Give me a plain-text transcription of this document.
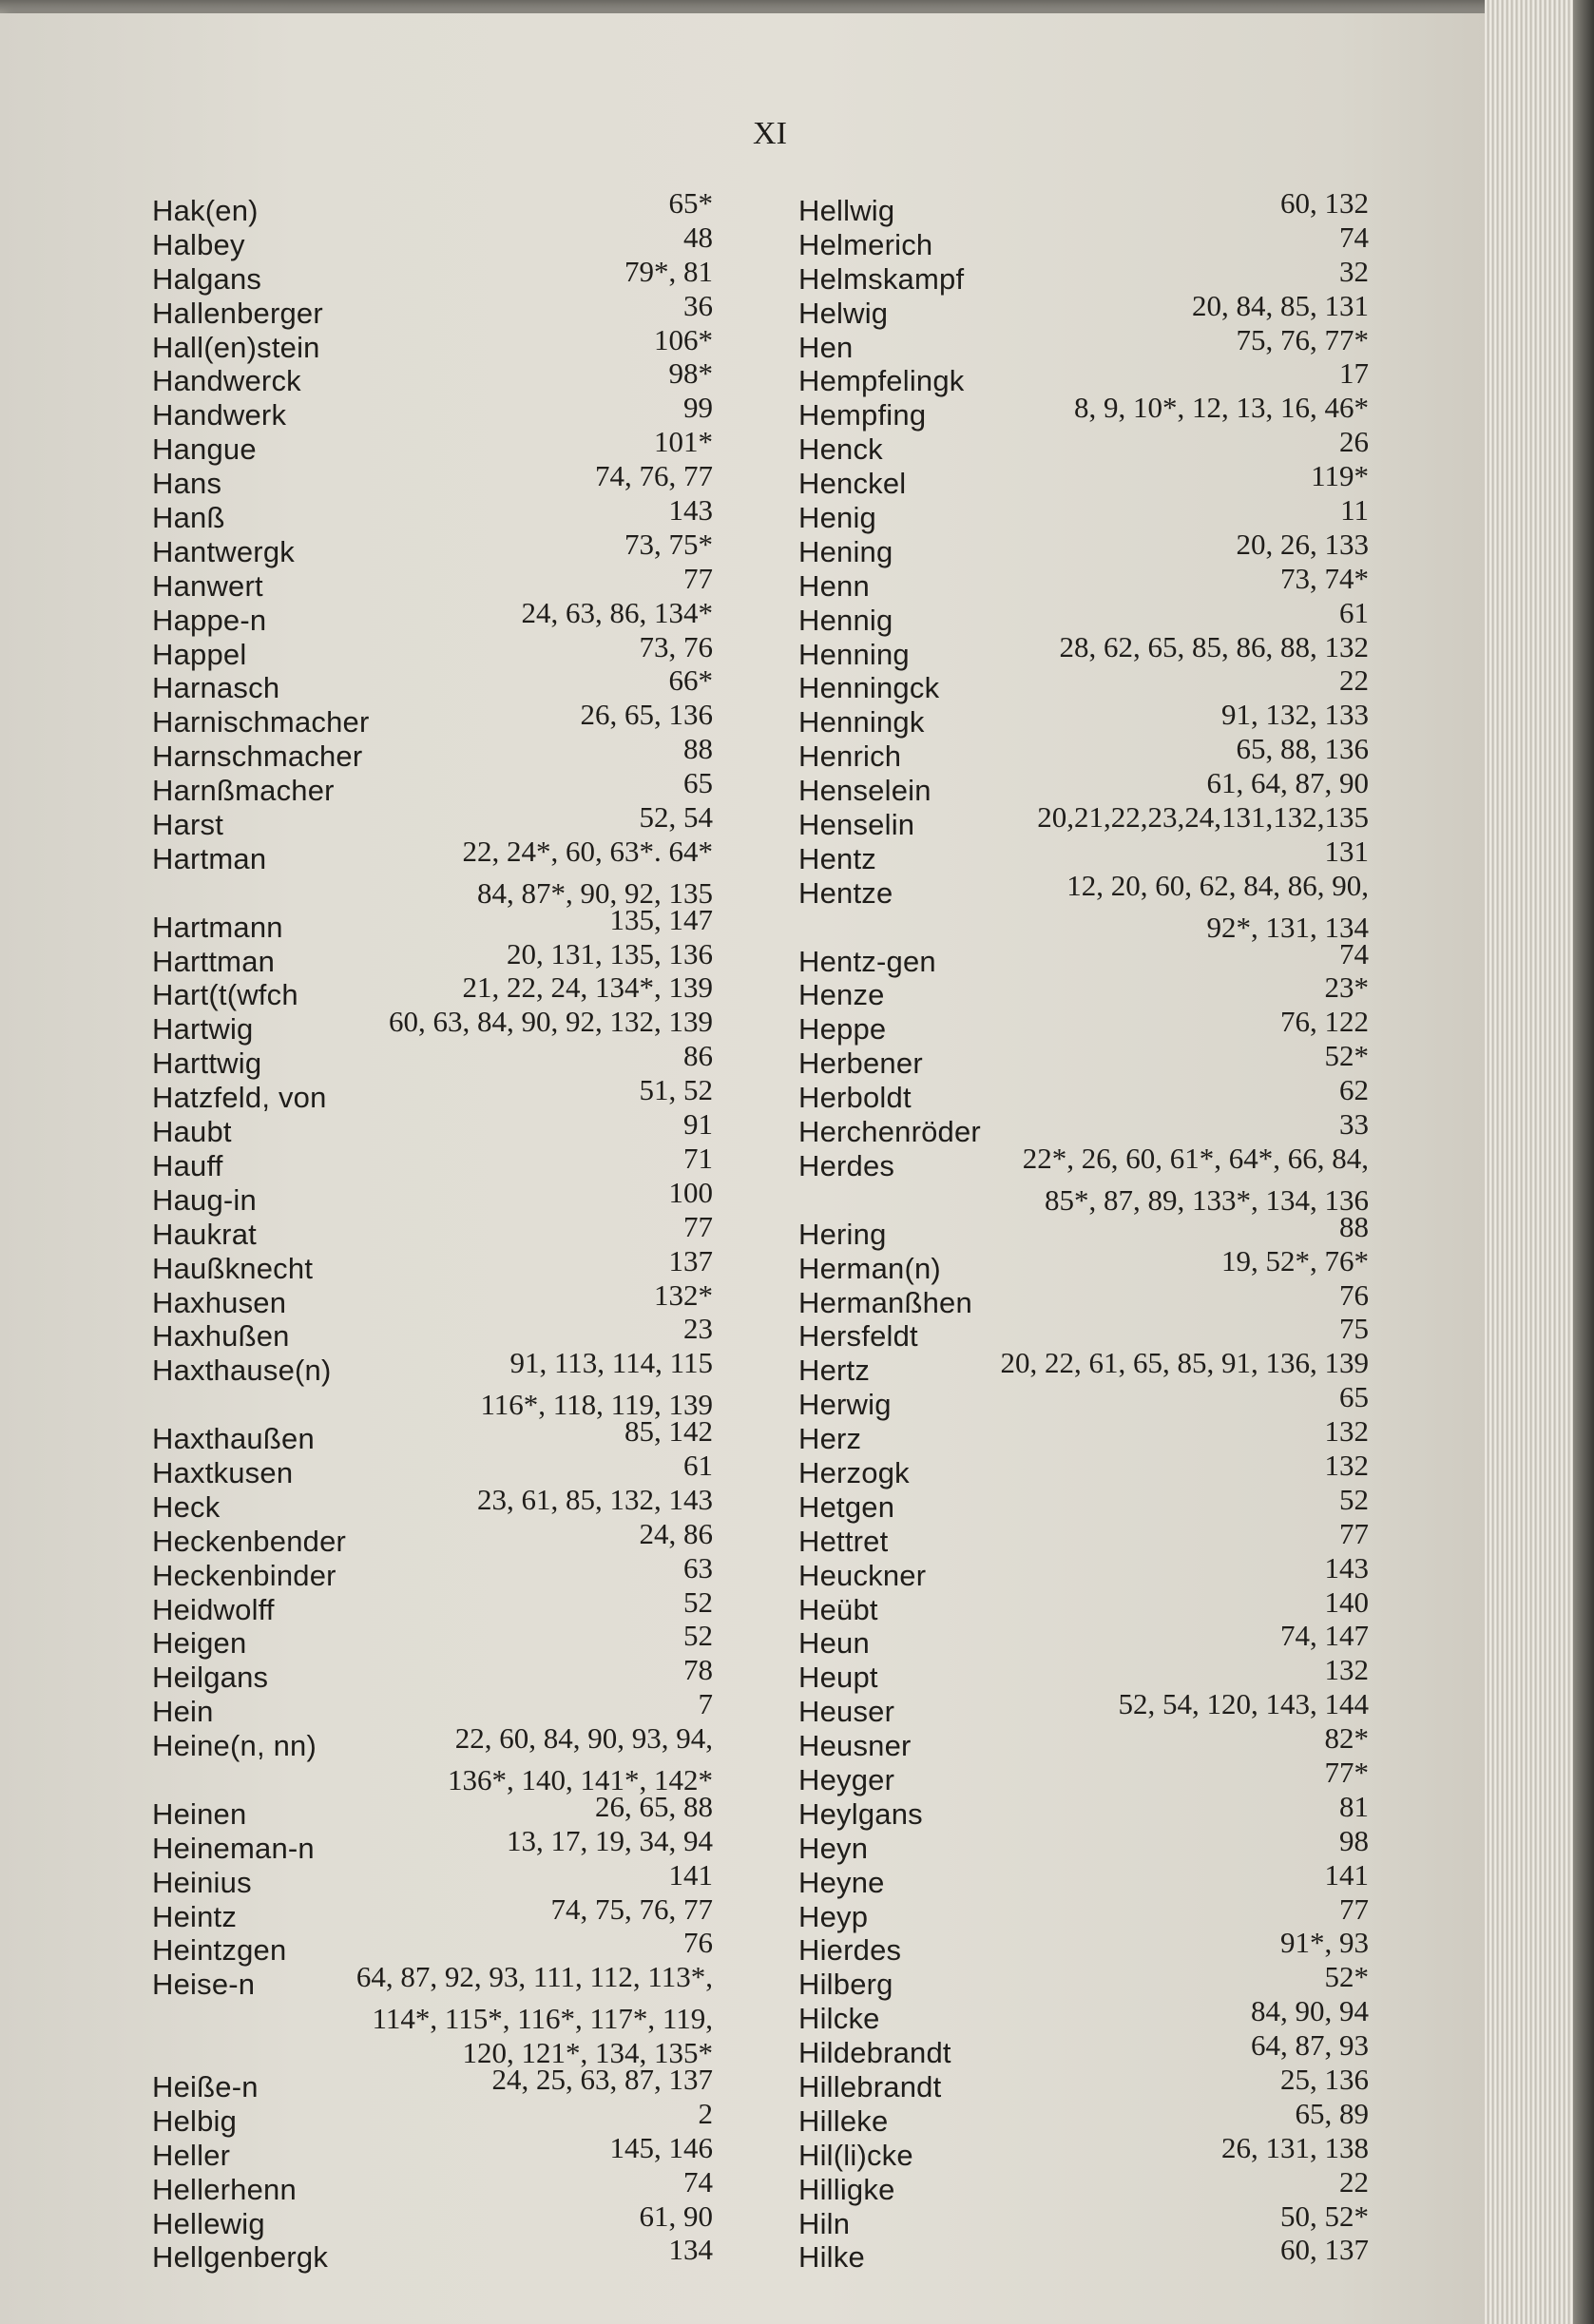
XI
Hak(en)	65*
Halbey	48
Halgans	79*, 81
Hallenberger	36
Hall(en)stein	106*
Handwerck	98*
Handwerk	99
Hangue	101*
Hans	74, 76, 77
Hanß	143
Hantwergk	73, 75*
Hanwert	77
Happe-n	24, 63, 86, 134*
Happel	73, 76
Harnasch	66*
Harnischmacher	26, 65, 136
Harnschmacher	88
Harnßmacher	65
Harst	52, 54
Hartman	22, 24*, 60, 63*. 64*
84, 87*, 90, 92, 135
Hartmann	135, 147
Harttman	20, 131, 135, 136
Hart(t(wfch	21, 22, 24, 134*, 139
Hartwig	60, 63, 84, 90, 92, 132, 139
Harttwig	86
Hatzfeld, von	51, 52
Haubt	91
Hauff	71
Haug-in	100
Haukrat	77
Haußknecht	137
Haxhusen	132*
Haxhußen	23
Haxthause(n)	91, 113, 114, 115
116*, 118, 119, 139
Haxthaußen	85, 142
Haxtkusen	61
Heck	23, 61, 85, 132, 143
Heckenbender	24, 86
Heckenbinder	63
Heidwolff	52
Heigen	52
Heilgans	78
Hein	7
Heine(n, nn)	22, 60, 84, 90, 93, 94,
136*, 140, 141*, 142*
Heinen	26, 65, 88
Heineman-n	13, 17, 19, 34, 94
Heinius	141
Heintz	74, 75, 76, 77
Heintzgen	76
Heise-n	64, 87, 92, 93, 111, 112, 113*,
114*, 115*, 116*, 117*, 119,
120, 121*, 134, 135*
Heiße-n	24, 25, 63, 87, 137
Helbig	2
Heller	145, 146
Hellerhenn	74
Hellewig	61, 90
Hellgenbergk	134
Hellwig	60, 132
Helmerich	74
Helmskampf	32
Helwig	20, 84, 85, 131
Hen	75, 76, 77*
Hempfelingk	17
Hempfing	8, 9, 10*, 12, 13, 16, 46*
Henck	26
Henckel	119*
Henig	11
Hening	20, 26, 133
Henn	73, 74*
Hennig	61
Henning	28, 62, 65, 85, 86, 88, 132
Henningck	22
Henningk	91, 132, 133
Henrich	65, 88, 136
Henselein	61, 64, 87, 90
Henselin	20,21,22,23,24,131,132,135
Hentz	131
Hentze	12, 20, 60, 62, 84, 86, 90,
92*, 131, 134
Hentz-gen	74
Henze	23*
Heppe	76, 122
Herbener	52*
Herboldt	62
Herchenröder	33
Herdes	22*, 26, 60, 61*, 64*, 66, 84,
85*, 87, 89, 133*, 134, 136
Hering	88
Herman(n)	19, 52*, 76*
Hermanßhen	76
Hersfeldt	75
Hertz	20, 22, 61, 65, 85, 91, 136, 139
Herwig	65
Herz	132
Herzogk	132
Hetgen	52
Hettret	77
Heuckner	143
Heübt	140
Heun	74, 147
Heupt	132
Heuser	52, 54, 120, 143, 144
Heusner	82*
Heyger	77*
Heylgans	81
Heyn	98
Heyne	141
Heyp	77
Hierdes	91*, 93
Hilberg	52*
Hilcke	84, 90, 94
Hildebrandt	64, 87, 93
Hillebrandt	25, 136
Hilleke	65, 89
Hil(li)cke	26, 131, 138
Hilligke	22
Hiln	50, 52*
Hilke	60, 137
